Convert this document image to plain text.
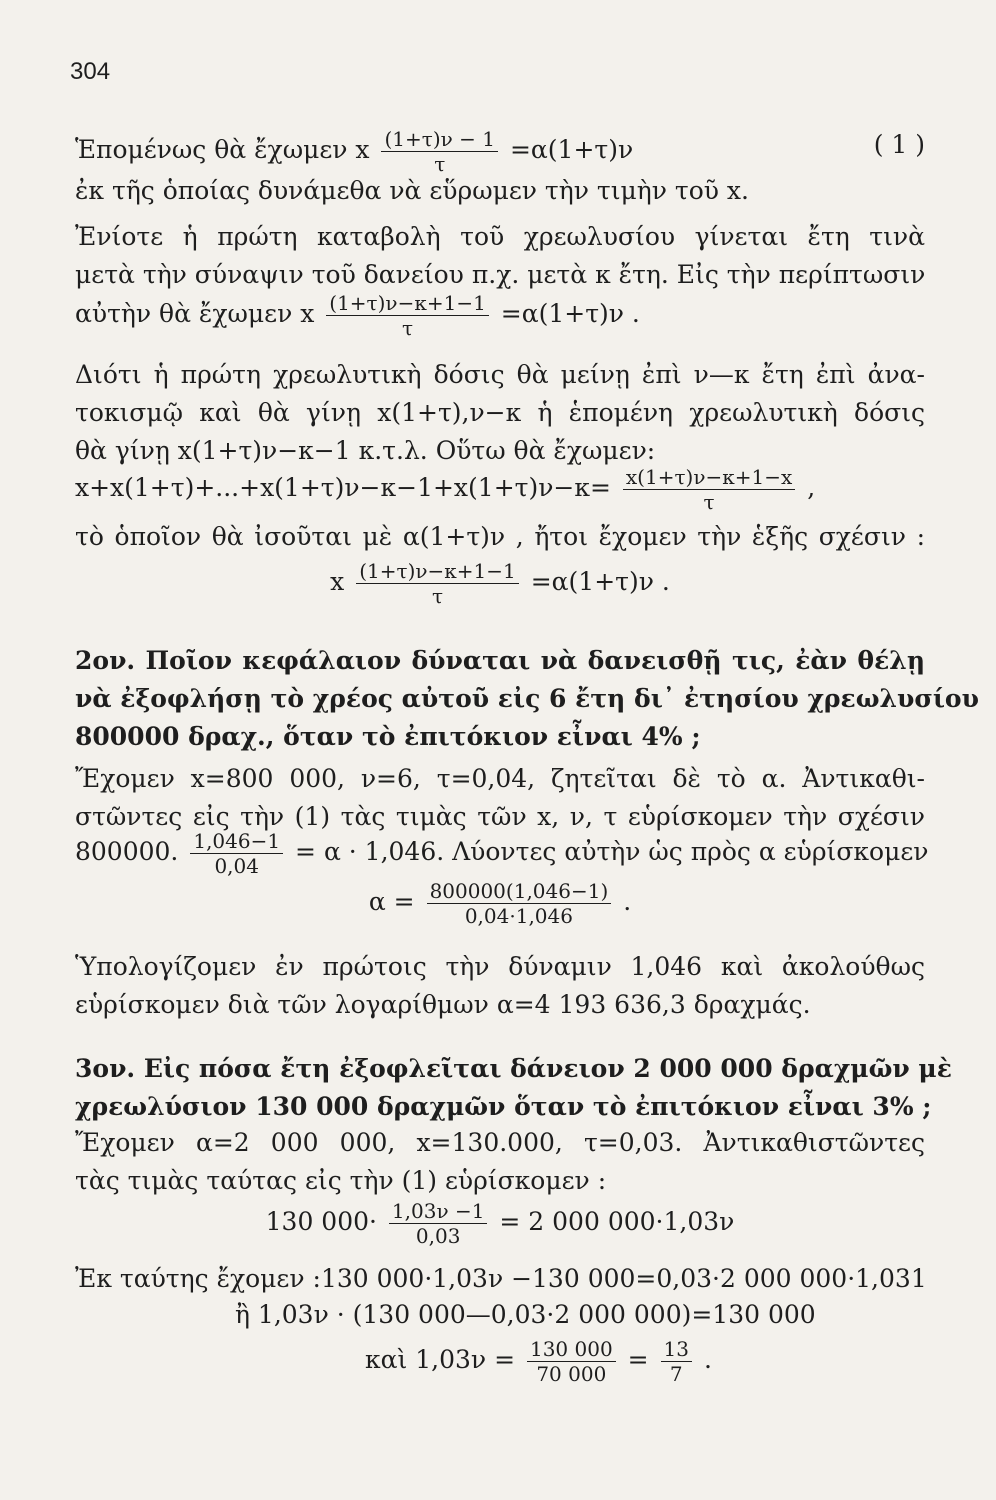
304
Ἑπομένως θὰ ἔχωμεν x $\frac{(1+\tau)\nu - 1}{\tau} =\alpha(1+\tau)\nu$	( 1 )
ἐκ τῆς ὁποίας δυνάμεθα νὰ εὕρωμεν τὴν τιμὴν τοῦ x.
Ἐνίοτε ἡ πρώτη καταβολὴ τοῦ χρεωλυσίου γίνεται ἔτη τινὰ
μετὰ τὴν σύναψιν τοῦ δανείου π.χ. μετὰ κ ἔτη. Εἰς τὴν περίπτωσιν
αὐτὴν θὰ ἔχωμεν x $\frac{(1+\tau)\nu-\kappa+1-1}{\tau} =\alpha(1+\tau)\nu$ .
Διότι ἡ πρώτη χρεωλυτικὴ δόσις θὰ μείνῃ ἐπὶ ν—κ ἔτη ἐπὶ ἀνα-
τοκισμῷ καὶ θὰ γίνῃ x(1+τ),ν−κ ἡ ἑπομένη χρεωλυτικὴ δόσις
θὰ γίνῃ x(1+τ)ν−κ−1 κ.τ.λ. Οὕτω θὰ ἔχωμεν:
$x+x(1+\tau)+...+x(1+\tau)\nu-\kappa-1+x(1+\tau)\nu-\kappa= \frac{x(1+\tau)\nu-\kappa+1-x}{\tau}$ ,
τὸ ὁποῖον θὰ ἰσοῦται μὲ α(1+τ)ν , ἤτοι ἔχομεν τὴν ἑξῆς σχέσιν :
x $\frac{(1+\tau)\nu-\kappa+1-1}{\tau} =\alpha(1+\tau)\nu$ .
2ον. Ποῖον κεφάλαιον δύναται νὰ δανεισθῇ τις, ἐὰν θέλῃ
νὰ ἐξοφλήσῃ τὸ χρέος αὐτοῦ εἰς 6 ἔτη δι᾽ ἐτησίου χρεωλυσίου
800000 δραχ., ὅταν τὸ ἐπιτόκιον εἶναι 4% ;
Ἔχομεν x=800 000, ν=6, τ=0,04, ζητεῖται δὲ τὸ α. Ἀντικαθι-
στῶντες εἰς τὴν (1) τὰς τιμὰς τῶν x, ν, τ εὑρίσκομεν τὴν σχέσιν
800000. $\frac{1,046-1}{0,04} = \alpha \cdot 1,046$. Λύοντες αὐτὴν ὡς πρὸς α εὑρίσκομεν
$\alpha = \frac{800000(1,046-1)}{0,04\cdot 1,046}$ .
Ὑπολογίζομεν ἐν πρώτοις τὴν δύναμιν 1,046 καὶ ἀκολούθως
εὑρίσκομεν διὰ τῶν λογαρίθμων α=4 193 636,3 δραχμάς.
3ον. Εἰς πόσα ἔτη ἐξοφλεῖται δάνειον 2 000 000 δραχμῶν μὲ
χρεωλύσιον 130 000 δραχμῶν ὅταν τὸ ἐπιτόκιον εἶναι 3% ;
Ἔχομεν α=2 000 000, x=130.000, τ=0,03. Ἀντικαθιστῶντες
τὰς τιμὰς ταύτας εἰς τὴν (1) εὑρίσκομεν :
130 $000\cdot \frac{1,03\nu -1}{0,03} = 2$ 000 000·1,03ν
Ἐκ ταύτης ἔχομεν :130 000·1,03ν −130 000=0,03·2 000 000·1,031
ἢ 1,03ν · (130 000—0,03·2 000 000)=130 000
καὶ $1,03\nu = \frac{130 000}{70 000} = \frac{13}{7}$ .
